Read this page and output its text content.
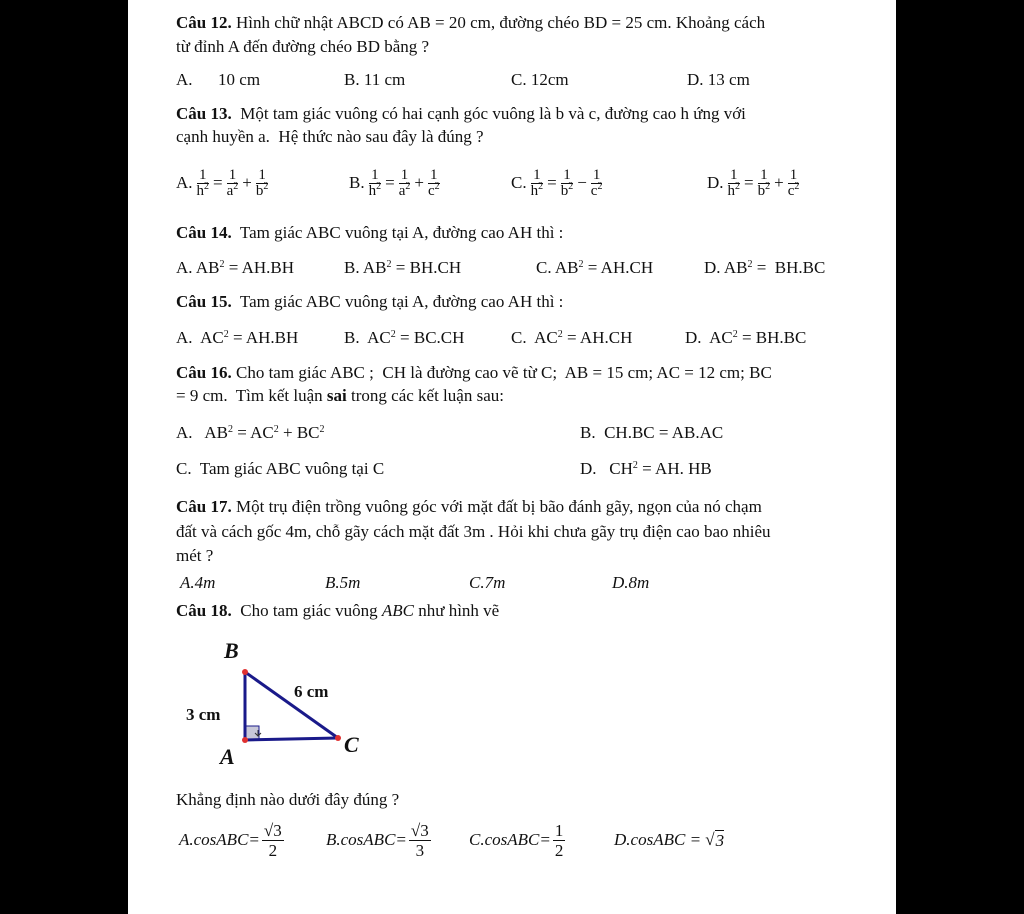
Câu 12. Hình chữ nhật ABCD có AB = 20 cm, đường chéo BD = 25 cm. Khoảng cách
từ đỉnh A đến đường chéo BD bằng ?
A.      10 cm	B. 11 cm	C. 12cm	D. 13 cm
Câu 13.  Một tam giác vuông có hai cạnh góc vuông là b và c, đường cao h ứng với
cạnh huyền a.  Hệ thức nào sau đây là đúng ?
A. $\frac{1}{h^2} = \frac{1}{a^2} + \frac{1}{b^2}$	B. $\frac{1}{h^2} = \frac{1}{a^2} + \frac{1}{c^2}$	C. $\frac{1}{h^2} = \frac{1}{b^2} - \frac{1}{c^2}$	D. $\frac{1}{h^2} = \frac{1}{b^2} + \frac{1}{c^2}$
Câu 14.  Tam giác ABC vuông tại A, đường cao AH thì :
A. $AB^2 = AH.BH$	B. $AB^2 = BH.CH$	C. $AB^2 = AH.CH$	D. $AB^2 = BH.BC$
Câu 15.  Tam giác ABC vuông tại A, đường cao AH thì :
A.  $AC^2 = AH.BH$	B.  $AC^2 = BC.CH$	C.  $AC^2 = AH.CH$	D.  $AC^2 = BH.BC$
Câu 16. Cho tam giác ABC ;  CH là đường cao vẽ từ C;  AB = 15 cm; AC = 12 cm; BC
= 9 cm.  Tìm kết luận sai trong các kết luận sau:
A.   $AB^2 = AC^2 + BC^2$	B.  CH.BC = AB.AC
C.  Tam giác ABC vuông tại C	D.   $CH^2$ = AH. HB
Câu 17. Một trụ điện trồng vuông góc với mặt đất bị bão đánh gãy, ngọn của nó chạm
đất và cách gốc 4m, chỗ gãy cách mặt đất 3m . Hỏi khi chưa gãy trụ điện cao bao nhiêu
mét ?
A.4m	B.5m	C.7m	D.8m
Câu 18.  Cho tam giác vuông ABC như hình vẽ
B
A	C
3 cm
6 cm
Khẳng định nào dưới đây đúng ?
A.cos ABC = $\frac{√3}{2} B.\cos$ ABC = $\frac{√3}{3} C.\cos$ ABC = $\frac{1}{2}$	D.cos ABC = √ 3
